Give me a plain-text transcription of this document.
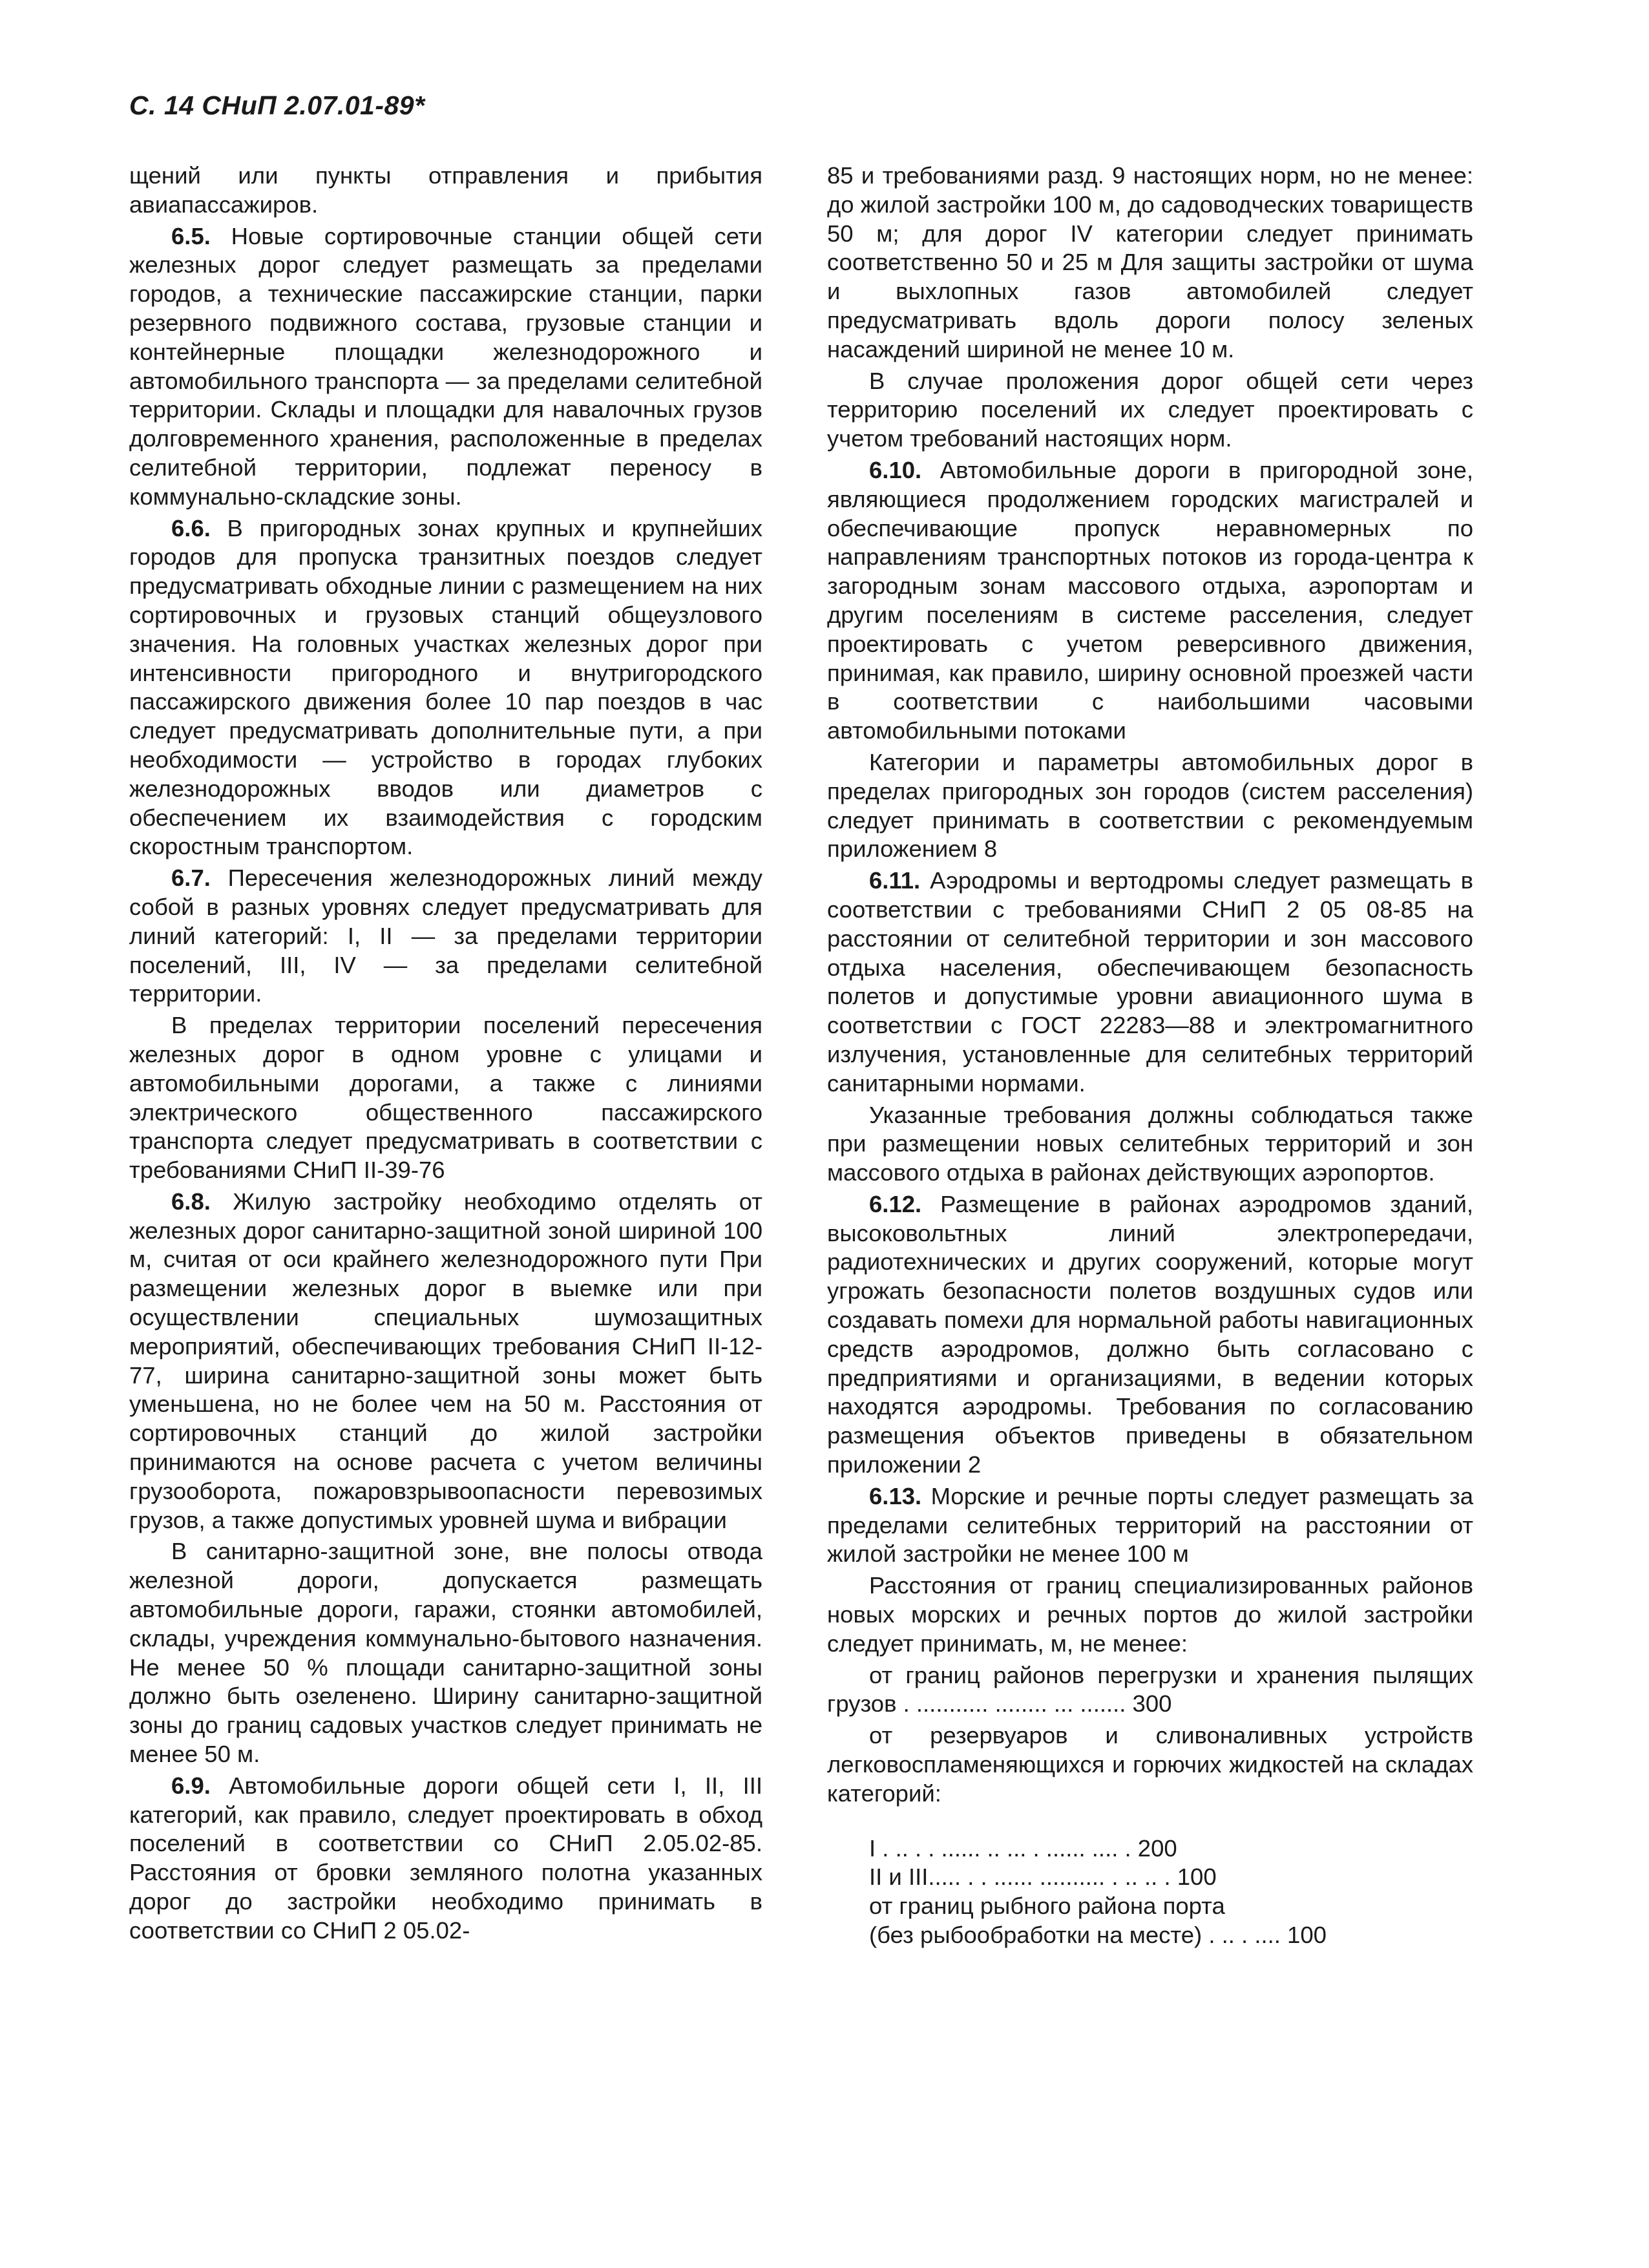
С. 14 СНиП 2.07.01-89*

щений или пункты отправления и прибытия авиапассажиров.

6.5. Новые сортировочные станции общей сети железных дорог следует размещать за пределами городов, а технические пассажирские станции, парки резервного подвижного состава, грузовые станции и контейнерные площадки железнодорожного и автомобильного транспорта — за пределами селитебной территории. Склады и площадки для навалочных грузов долговременного хранения, расположенные в пределах селитебной территории, подлежат переносу в коммунально-складские зоны.

6.6. В пригородных зонах крупных и крупнейших городов для пропуска транзитных поездов следует предусматривать обходные линии с размещением на них сортировочных и грузовых станций общеузлового значения. На головных участках железных дорог при интенсивности пригородного и внутригородского пассажирского движения более 10 пар поездов в час следует предусматривать дополнительные пути, а при необходимости — устройство в городах глубоких железнодорожных вводов или диаметров с обеспечением их взаимодействия с городским скоростным транспортом.

6.7. Пересечения железнодорожных линий между собой в разных уровнях следует предусматривать для линий категорий: I, II — за пределами территории поселений, III, IV — за пределами селитебной территории.

В пределах территории поселений пересечения железных дорог в одном уровне с улицами и автомобильными дорогами, а также с линиями электрического общественного пассажирского транспорта следует предусматривать в соответствии с требованиями СНиП II-39-76

6.8. Жилую застройку необходимо отделять от железных дорог санитарно-защитной зоной шириной 100 м, считая от оси крайнего железнодорожного пути При размещении железных дорог в выемке или при осуществлении специальных шумозащитных мероприятий, обеспечивающих требования СНиП II-12-77, ширина санитарно-защитной зоны может быть уменьшена, но не более чем на 50 м. Расстояния от сортировочных станций до жилой застройки принимаются на основе расчета с учетом величины грузооборота, пожаровзрывоопасности перевозимых грузов, а также допустимых уровней шума и вибрации

В санитарно-защитной зоне, вне полосы отвода железной дороги, допускается размещать автомобильные дороги, гаражи, стоянки автомобилей, склады, учреждения коммунально-бытового назначения. Не менее 50 % площади санитарно-защитной зоны должно быть озеленено. Ширину санитарно-защитной зоны до границ садовых участков следует принимать не менее 50 м.

6.9. Автомобильные дороги общей сети I, II, III категорий, как правило, следует проектировать в обход поселений в соответствии со СНиП 2.05.02-85. Расстояния от бровки земляного полотна указанных дорог до застройки необходимо принимать в соответствии со СНиП 2 05.02-

85 и требованиями разд. 9 настоящих норм, но не менее: до жилой застройки 100 м, до садоводческих товариществ 50 м; для дорог IV категории следует принимать соответственно 50 и 25 м Для защиты застройки от шума и выхлопных газов автомобилей следует предусматривать вдоль дороги полосу зеленых насаждений шириной не менее 10 м.

В случае проложения дорог общей сети через территорию поселений их следует проектировать с учетом требований настоящих норм.

6.10. Автомобильные дороги в пригородной зоне, являющиеся продолжением городских магистралей и обеспечивающие пропуск неравномерных по направлениям транспортных потоков из города-центра к загородным зонам массового отдыха, аэропортам и другим поселениям в системе расселения, следует проектировать с учетом реверсивного движения, принимая, как правило, ширину основной проезжей части в соответствии с наибольшими часовыми автомобильными потоками

Категории и параметры автомобильных дорог в пределах пригородных зон городов (систем расселения) следует принимать в соответствии с рекомендуемым приложением 8

6.11. Аэродромы и вертодромы следует размещать в соответствии с требованиями СНиП 2 05 08-85 на расстоянии от селитебной территории и зон массового отдыха населения, обеспечивающем безопасность полетов и допустимые уровни авиационного шума в соответствии с ГОСТ 22283—88 и электромагнитного излучения, установленные для селитебных территорий санитарными нормами.

Указанные требования должны соблюдаться также при размещении новых селитебных территорий и зон массового отдыха в районах действующих аэропортов.

6.12. Размещение в районах аэродромов зданий, высоковольтных линий электропередачи, радиотехнических и других сооружений, которые могут угрожать безопасности полетов воздушных судов или создавать помехи для нормальной работы навигационных средств аэродромов, должно быть согласовано с предприятиями и организациями, в ведении которых находятся аэродромы. Требования по согласованию размещения объектов приведены в обязательном приложении 2

6.13. Морские и речные порты следует размещать за пределами селитебных территорий на расстоянии от жилой застройки не менее 100 м

Расстояния от границ специализированных районов новых морских и речных портов до жилой застройки следует принимать, м, не менее:

от границ районов перегрузки и хранения пылящих грузов . ........... ........ ... ....... 300

от резервуаров и сливоналивных устройств легковоспламеняющихся и горючих жидкостей на складах категорий:

I . .. . . ...... .. ... . ...... .... . 200
II и III..... . . ...... .......... . .. .. . 100
от границ рыбного района порта
(без рыбообработки на месте) . .. . .... 100
